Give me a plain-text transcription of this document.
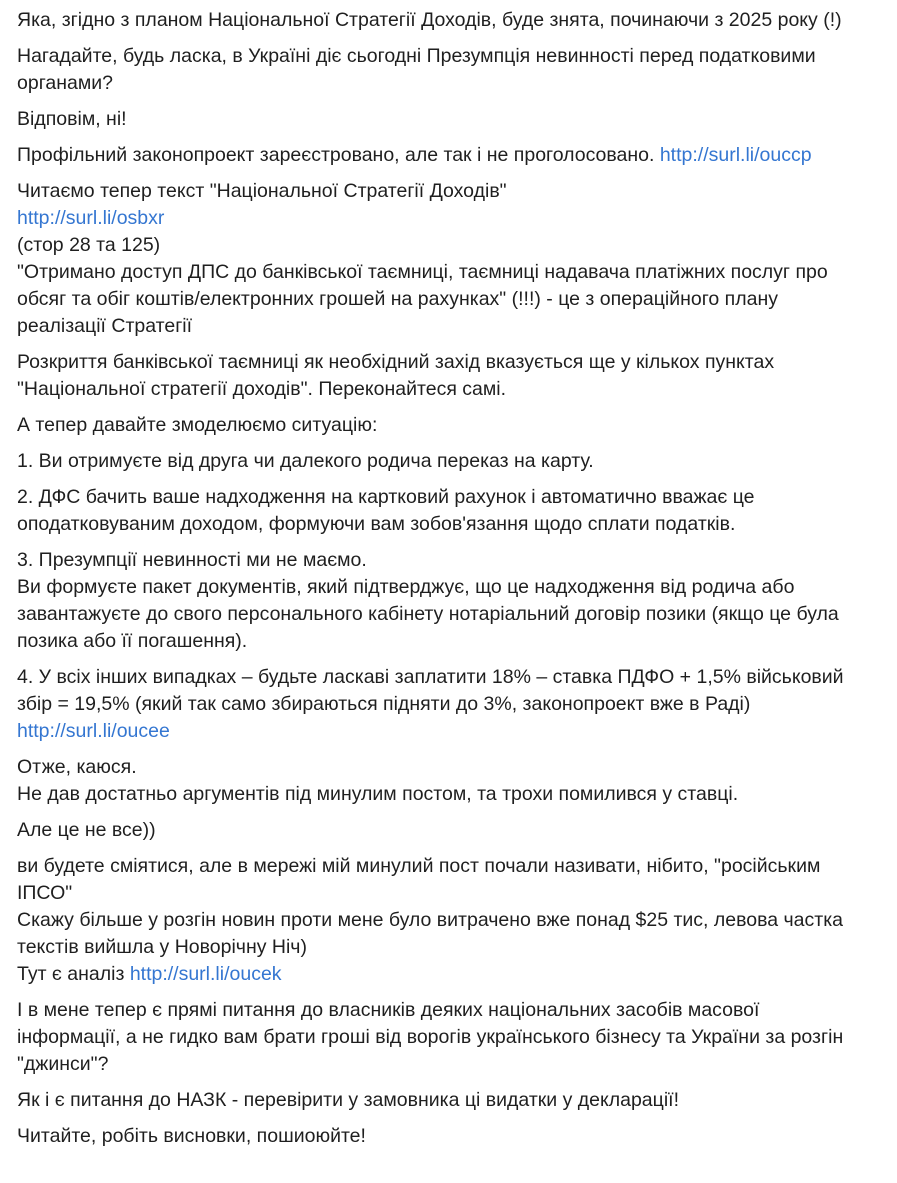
Яка, згідно з планом Національної Стратегії Доходів, буде знята, починаючи з 2025 року (!)

Нагадайте, будь ласка, в Україні діє сьогодні Презумпція невинності перед податковими органами?

Відповім, ні!

Профільний законопроект зареєстровано, але так і не проголосовано. http://surl.li/ouccp

Читаємо тепер текст "Національної Стратегії Доходів"
http://surl.li/osbxr
(стор 28 та 125)
"Отримано доступ ДПС до банківської таємниці, таємниці надавача платіжних послуг про обсяг та обіг коштів/електронних грошей на рахунках" (!!!) - це з операційного плану реалізації Стратегії

Розкриття банківської таємниці як необхідний захід вказується ще у кількох пунктах "Національної стратегії доходів". Переконайтеся самі.

А тепер давайте змоделюємо ситуацію:

1. Ви отримуєте від друга чи далекого родича переказ на карту.

2. ДФС бачить ваше надходження на картковий рахунок і автоматично вважає це оподатковуваним доходом, формуючи вам зобов'язання щодо сплати податків.

3. Презумпції невинності ми не маємо.
Ви формуєте пакет документів, який підтверджує, що це надходження від родича або завантажуєте до свого персонального кабінету нотаріальний договір позики (якщо це була позика або її погашення).

4. У всіх інших випадках – будьте ласкаві заплатити 18% – ставка ПДФО + 1,5% військовий збір = 19,5% (який так само збираються підняти до 3%, законопроект вже в Раді)
http://surl.li/oucee

Отже, каюся.
Не дав достатньо аргументів під минулим постом, та трохи помилився у ставці.

Але це не все))

ви будете сміятися, але в мережі мій минулий пост почали називати, нібито, "російським ІПСО"
Скажу більше у розгін новин проти мене було витрачено вже понад $25 тис, левова частка текстів вийшла у Новорічну Ніч)
Тут є аналіз http://surl.li/oucek

І в мене тепер є прямі питання до власників деяких національних засобів масової інформації, а не гидко вам брати гроші від ворогів українського бізнесу та України за розгін "джинси"?

Як і є питання до НАЗК - перевірити у замовника ці видатки у декларації!

Читайте, робіть висновки, пошиоюйте!
